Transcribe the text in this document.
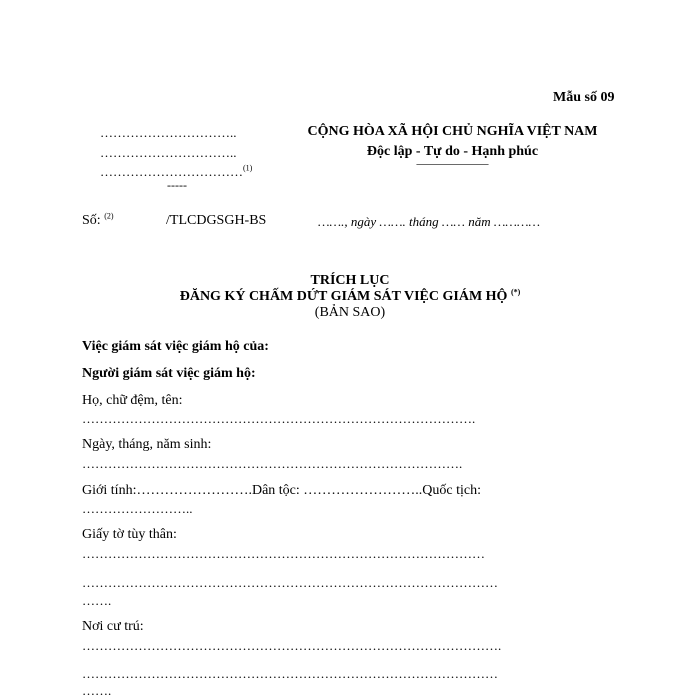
Mẫu số 09
…………………………..
…………………………..
……………………………$^{(1)}$
-----
CỘNG HÒA XÃ HỘI CHỦ NGHĨA VIỆT NAM
Độc lập - Tự do - Hạnh phúc
——————
Số: $^{(2)}$	/TLCDGSGH-BS	……., ngày ……. tháng …… năm …………
TRÍCH LỤC
ĐĂNG KÝ CHẤM DỨT GIÁM SÁT VIỆC GIÁM HỘ (*)
(BẢN SAO)
Việc giám sát việc giám hộ của:
Người giám sát việc giám hộ:
Họ, chữ đệm, tên:
……………………………………………………………………………….
Ngày, tháng, năm sinh:
…………………………………………………………………………….
Giới tính:…………………….Dân tộc: ……………………..Quốc tịch:
……………………..
Giấy tờ tùy thân:
…………………………………………………………………………………
……………………………………………………………………………………
…….
Nơi cư trú:
…………………………………………………………………………………….
……………………………………………………………………………………
…….
